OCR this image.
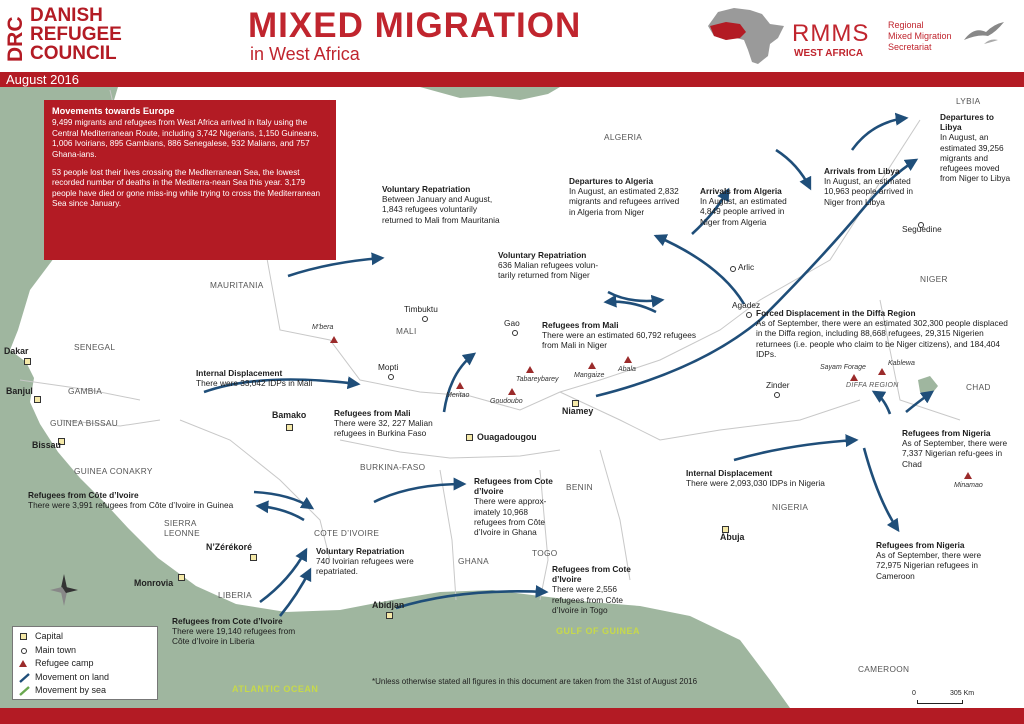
DRC
DANISH
REFUGEE
COUNCIL
MIXED MIGRATION
in West Africa
RMMS
WEST AFRICA
Regional
Mixed Migration
Secretariat
August 2016
Movements towards Europe

9,499 migrants and refugees from West Africa arrived in Italy using the Central Mediterranean Route, including 3,742 Nigerians, 1,150 Guineans, 1,006 Ivoirians, 895 Gambians, 886 Senegalese, 932 Malians, and 757 Ghana-ians.

53 people lost their lives crossing the Mediterranean Sea, the lowest recorded number of deaths in the Mediterra-nean Sea this year. 3,179 people have died or gone miss-ing while trying to cross the Mediterranean Sea since January.

Voluntary Repatriation
Between January and August, 1,843 refugees voluntarily returned to Mali from Mauritania
Voluntary Repatriation
636 Malian refugees volun-tarily returned from Niger
Departures to Algeria
In August, an estimated 2,832 migrants and refugees arrived in Algeria from Niger
Arrivals from Algeria
In August, an estimated 4,849 people arrived in Niger from Algeria
Arrivals from Libya
In August, an estimated 10,963 people arrived in Niger from Libya
Departures to Libya
In August, an estimated 39,256 migrants and refugees moved from Niger to Libya
Refugees from Mali
There were an estimated 60,792 refugees from Mali in Niger
Forced Displacement in the Diffa Region
As of September, there were an estimated 302,300 people displaced in the Diffa region, including 88,668 refugees, 29,315 Nigerien returnees (i.e. people who claim to be Niger citizens), and 184,404 IDPs.
Internal Displacement
There were 33,042 IDPs in Mali
Refugees from Mali
There were 32, 227 Malian refugees in Burkina Faso	Refugees from Nigeria
As of September, there were 7,337 Nigerian refu-gees in Chad
Internal Displacement
There were 2,093,030 IDPs in Nigeria
Refugees from Côte d’Ivoire
There were 3,991 refugees from Côte d’Ivoire in Guinea
Refugees from Cote d’Ivoire
There were approx-imately 10,968 refugees from Côte d’Ivoire in Ghana
Voluntary Repatriation
740 Ivoirian refugees were repatriated.	Refugees from Cote d’Ivoire
There were 2,556 refugees from Côte d’Ivoire in Togo
Refugees from Cote d’Ivoire
There were 19,140 refugees from Côte d’Ivoire in Liberia
Refugees from Nigeria
As of September, there were 72,975 Nigerian refugees in Cameroon
ALGERIA
LYBIA
MAURITANIA
MALI
NIGER
SENEGAL
GAMBIA
GUINEA BISSAU
GUINEA CONAKRY	BURKINA-FASO
SIERRA
LEONNE	COTE D’IVOIRE
LIBERIA
GHANA
TOGO
BENIN
NIGERIA
CHAD
CAMEROON
DIFFA REGION
Dakar
Banjul
Bissau
Bamako
Ouagadougou
Niamey
Abuja
N’Zérékoré
Monrovia
Abidjan
Timbuktu
Gao
Mopti
Arlic
Agadez
Seguedine
Zinder
M’bera
Meritao
Tabareybarey
Mangaize
Abala
Goudoubo
Sayam Forage
Kablewa
Minamao
GULF OF GUINEA
ATLANTIC OCEAN
Capital
Main town
Refugee camp
Movement on land
Movement by sea
*Unless otherwise stated all figures in this document are taken from the 31st of August 2016
0	305 Km
